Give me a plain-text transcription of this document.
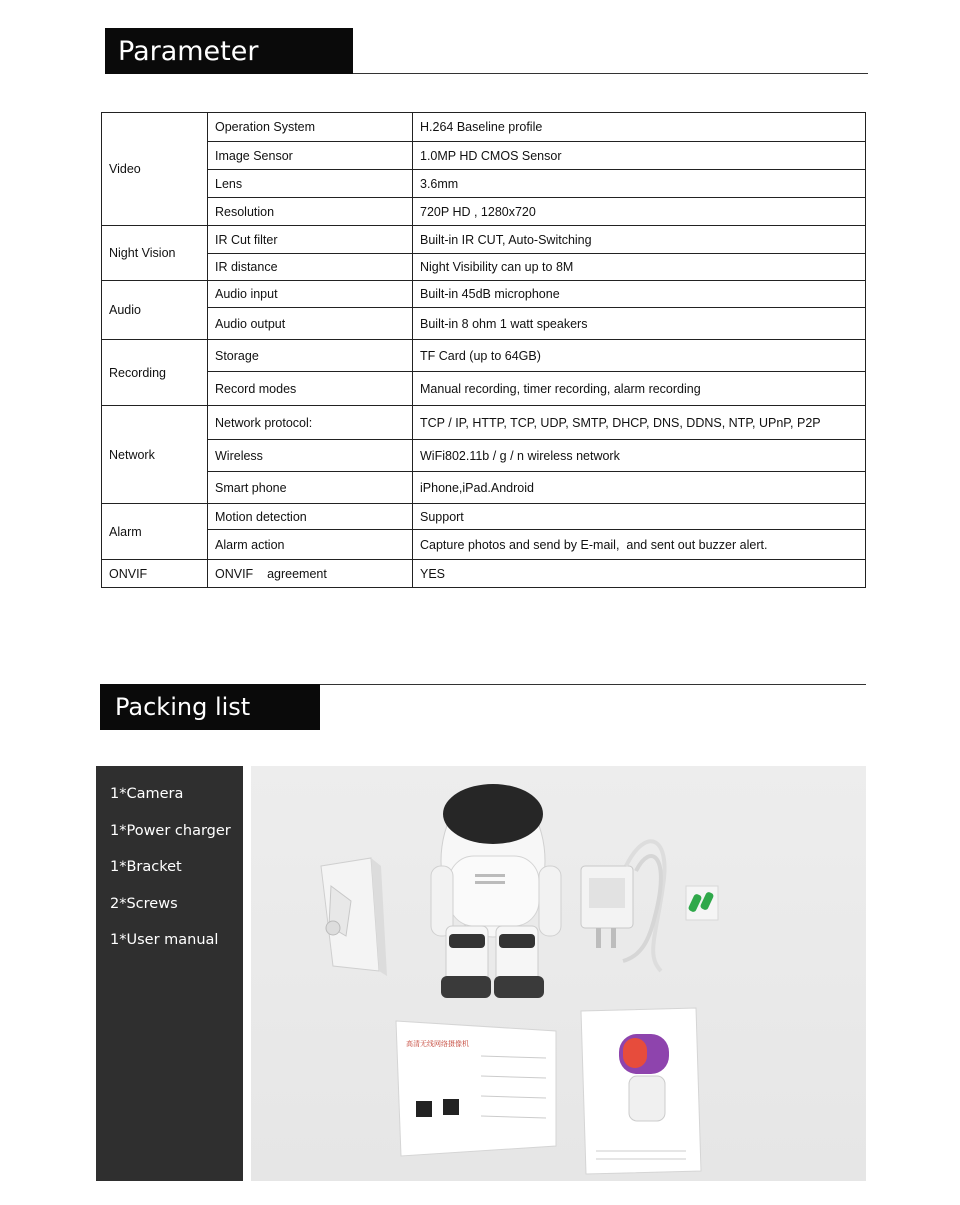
Parameter
Video	Operation System	H.264 Baseline profile
	Image Sensor	1.0MP HD CMOS Sensor
	Lens	3.6mm
	Resolution	720P HD , 1280x720
Night Vision	IR Cut filter	Built-in IR CUT, Auto-Switching
	IR distance	Night Visibility can up to 8M
Audio	Audio input	Built-in 45dB microphone
	Audio output	Built-in 8 ohm 1 watt speakers
Recording	Storage	TF Card (up to 64GB)
	Record modes	Manual recording, timer recording, alarm recording
Network	Network protocol:	TCP / IP, HTTP, TCP, UDP, SMTP, DHCP, DNS, DDNS, NTP, UPnP, P2P
	Wireless	WiFi802.11b / g / n wireless network
	Smart phone	iPhone,iPad.Android
Alarm	Motion detection	Support
	Alarm action	Capture photos and send by E-mail,  and sent out buzzer alert.
ONVIF	ONVIF    agreement	YES
Packing list
1*Camera
1*Power charger
1*Bracket
2*Screws
1*User manual
高清无线网络摄像机
